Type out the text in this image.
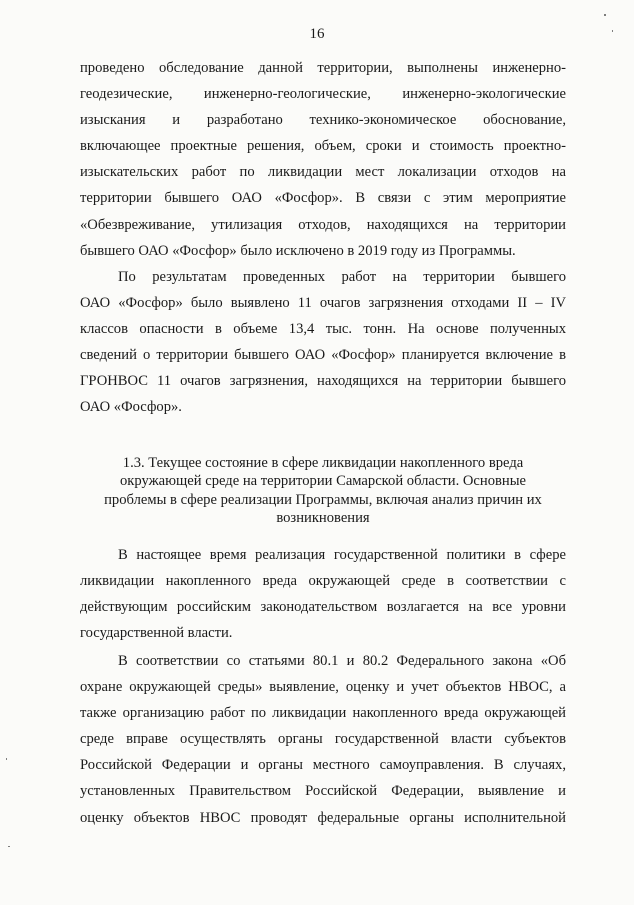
16

проведено обследование данной территории, выполнены инженерно-

геодезические, инженерно-геологические, инженерно-экологические

изыскания и разработано технико-экономическое обоснование,

включающее проектные решения, объем, сроки и стоимость проектно-

изыскательских работ по ликвидации мест локализации отходов на

территории бывшего ОАО «Фосфор». В связи с этим мероприятие

«Обезвреживание, утилизация отходов, находящихся на территории

бывшего ОАО «Фосфор» было исключено в 2019 году из Программы.

По результатам проведенных работ на территории бывшего

ОАО «Фосфор» было выявлено 11 очагов загрязнения отходами II – IV

классов опасности в объеме 13,4 тыс. тонн. На основе полученных

сведений о территории бывшего ОАО «Фосфор» планируется включение в

ГРОНВОС 11 очагов загрязнения, находящихся на территории бывшего

ОАО «Фосфор».

1.3. Текущее состояние в сфере ликвидации накопленного вреда
окружающей среде на территории Самарской области. Основные
проблемы в сфере реализации Программы, включая анализ причин их
возникновения

В настоящее время реализация государственной политики в сфере

ликвидации накопленного вреда окружающей среде в соответствии с

действующим российским законодательством возлагается на все уровни

государственной власти.

В соответствии со статьями 80.1 и 80.2 Федерального закона «Об

охране окружающей среды» выявление, оценку и учет объектов НВОС, а

также организацию работ по ликвидации накопленного вреда окружающей

среде вправе осуществлять органы государственной власти субъектов

Российской Федерации и органы местного самоуправления. В случаях,

установленных Правительством Российской Федерации, выявление и

оценку объектов НВОС проводят федеральные органы исполнительной
